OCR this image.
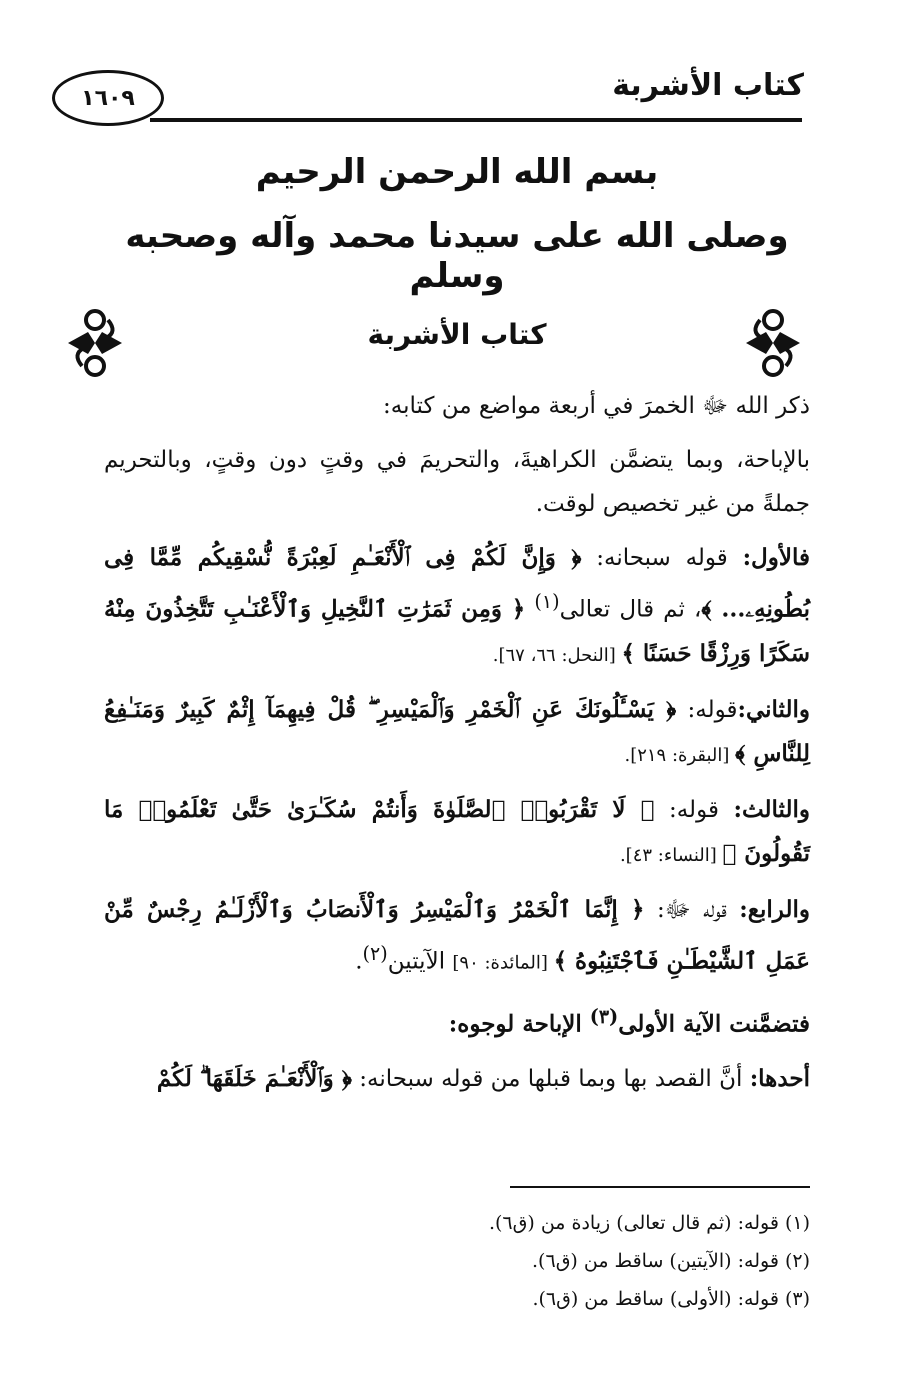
كتاب الأشربة
١٦٠٩
بسم الله الرحمن الرحيم
وصلى الله على سيدنا محمد وآله وصحبه وسلم
كتاب الأشربة

ذكر الله ﷻ الخمرَ في أربعة مواضع من كتابه:

بالإباحة، وبما يتضمَّن الكراهيةَ، والتحريمَ في وقتٍ دون وقتٍ، وبالتحريم جملةً من غير تخصيص لوقت.

فالأول: قوله سبحانه: ﴿ وَإِنَّ لَكُمْ فِى ٱلْأَنْعَـٰمِ لَعِبْرَةً نُّسْقِيكُم مِّمَّا فِى بُطُونِهِۦ... ﴾، ثم قال تعالى$^{(١)}$ ﴿ وَمِن ثَمَرَٰتِ ٱلنَّخِيلِ وَٱلْأَعْنَـٰبِ تَتَّخِذُونَ مِنْهُ سَكَرًا وَرِزْقًا حَسَنًا ﴾ [النحل: ٦٦، ٦٧].

والثاني:قوله: ﴿ يَسْـَٔلُونَكَ عَنِ ٱلْخَمْرِ وَٱلْمَيْسِرِ ۖ قُلْ فِيهِمَآ إِثْمٌ كَبِيرٌ وَمَنَـٰفِعُ لِلنَّاسِ ﴾ [البقرة: ٢١٩].

والثالث: قوله: ﴿ لَا تَقْرَبُوا۟ ٱلصَّلَوٰةَ وَأَنتُمْ سُكَـٰرَىٰ حَتَّىٰ تَعْلَمُوا۟ مَا تَقُولُونَ ﴾ [النساء: ٤٣].

والرابع: قوله ﷻ: ﴿ إِنَّمَا ٱلْخَمْرُ وَٱلْمَيْسِرُ وَٱلْأَنصَابُ وَٱلْأَزْلَـٰمُ رِجْسٌ مِّنْ عَمَلِ ٱلشَّيْطَـٰنِ فَٱجْتَنِبُوهُ ﴾ [المائدة: ٩٠] الآيتين$^{(٢)}$.

فتضمَّنت الآية الأولى$^{(٣)}$ الإباحة لوجوه:

أحدها: أنَّ القصد بها وبما قبلها من قوله سبحانه: ﴿ وَٱلْأَنْعَـٰمَ خَلَقَهَا ۗ لَكُمْ

(١) قوله: (ثم قال تعالى) زيادة من (ق٦).
(٢) قوله: (الآيتين) ساقط من (ق٦).
(٣) قوله: (الأولى) ساقط من (ق٦).
